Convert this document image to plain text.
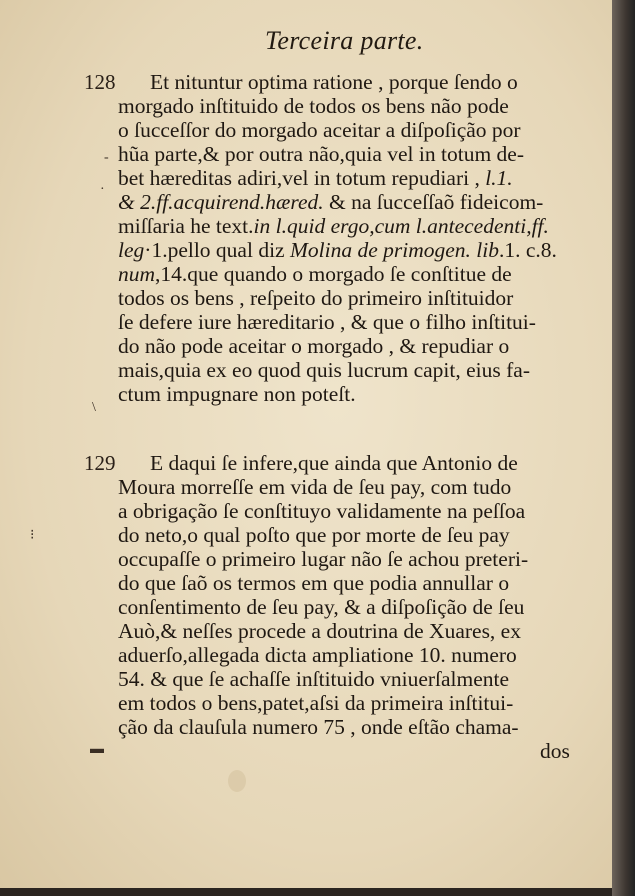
Terceira parte.
128
129
Et nituntur optima ratione , porque ſendo o
morgado inſtituido de todos os bens não pode
o ſucceſſor do morgado aceitar a diſpoſição por
hũa parte,& por outra não,quia vel in totum de-
bet hæreditas adiri,vel in totum repudiari , l.1.
& 2.ff.acquirend.hæred. & na ſucceſſaõ fideicom-
miſſaria he text.in l.quid ergo,cum l.antecedenti,ff.
leg·1.pello qual diz Molina de primogen. lib.1. c.8.
num,14.que quando o morgado ſe conſtitue de
todos os bens , reſpeito do primeiro inſtituidor
ſe defere iure hæreditario , & que o filho inſtitui-
do não pode aceitar o morgado , & repudiar o
mais,quia ex eo quod quis lucrum capit, eius fa-
ctum impugnare non poteſt.
E daqui ſe infere,que ainda que Antonio de
Moura morreſſe em vida de ſeu pay, com tudo
a obrigação ſe conſtituyo validamente na peſſoa
do neto,o qual poſto que por morte de ſeu pay
occupaſſe o primeiro lugar não ſe achou preteri-
do que ſaõ os termos em que podia annullar o
conſentimento de ſeu pay, & a diſpoſição de ſeu
Auò,& neſſes procede a doutrina de Xuares, ex
aduerſo,allegada dicta ampliatione 10. numero
54. & que ſe achaſſe inſtituido vniuerſalmente
em todos o bens,patet,aſsi da primeira inſtitui-
ção da clauſula numero 75 , onde eſtão chama-
dos
-
·
\
⁝
▬
